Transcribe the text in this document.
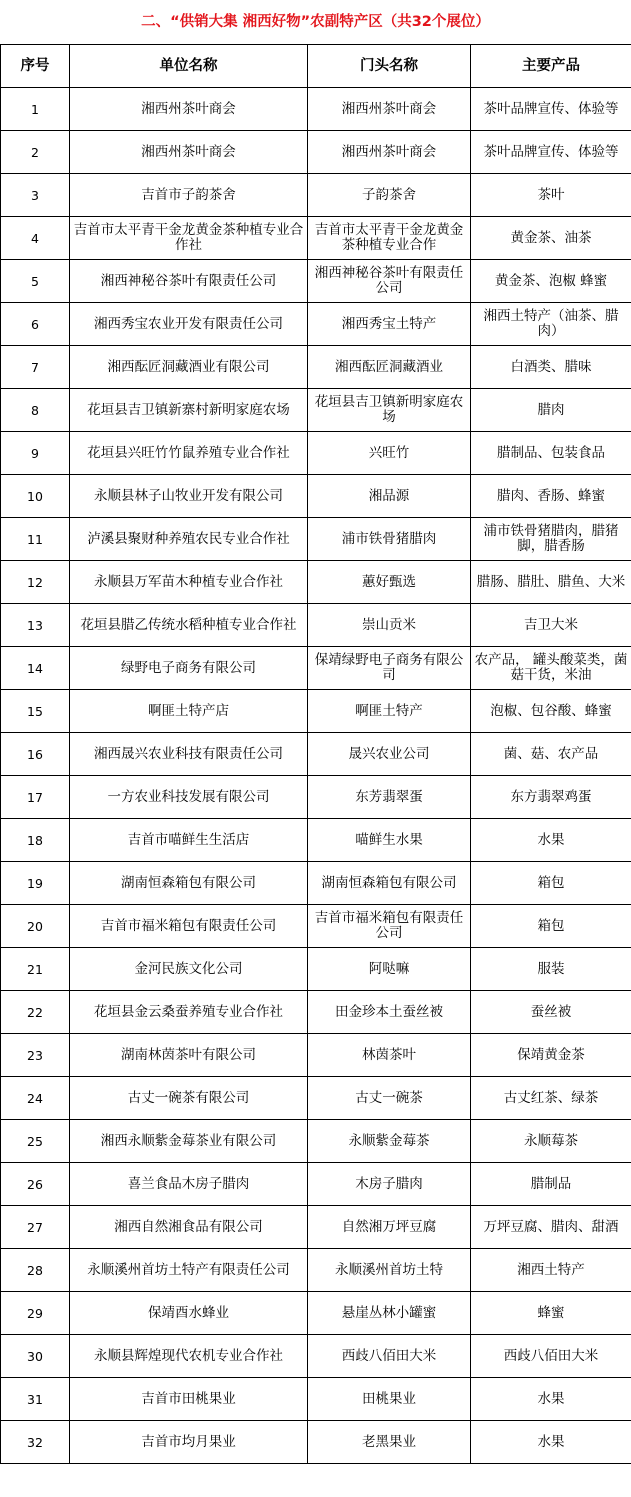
二、“供销大集 湘西好物”农副特产区（共32个展位）
序号	单位名称	门头名称	主要产品
1	湘西州茶叶商会	湘西州茶叶商会	茶叶品牌宣传、体验等
2	湘西州茶叶商会	湘西州茶叶商会	茶叶品牌宣传、体验等
3	吉首市子韵茶舍	子韵茶舍	茶叶
4	吉首市太平青干金龙黄金茶种植专业合作社	吉首市太平青干金龙黄金茶种植专业合作	黄金茶、油茶
5	湘西神秘谷茶叶有限责任公司	湘西神秘谷茶叶有限责任公司	黄金茶、泡椒 蜂蜜
6	湘西秀宝农业开发有限责任公司	湘西秀宝土特产	湘西土特产（油茶、腊肉）
7	湘西酝匠洞藏酒业有限公司	湘西酝匠洞藏酒业	白酒类、腊味
8	花垣县吉卫镇新寨村新明家庭农场	花垣县吉卫镇新明家庭农场	腊肉
9	花垣县兴旺竹竹鼠养殖专业合作社	兴旺竹	腊制品、包装食品
10	永顺县林子山牧业开发有限公司	湘品源	腊肉、香肠、蜂蜜
11	泸溪县聚财种养殖农民专业合作社	浦市铁骨猪腊肉	浦市铁骨猪腊肉，腊猪脚，腊香肠
12	永顺县万军苗木种植专业合作社	蕙好甄选	腊肠、腊肚、腊鱼、大米
13	花垣县腊乙传统水稻种植专业合作社	崇山贡米	吉卫大米
14	绿野电子商务有限公司	保靖绿野电子商务有限公司	农产品， 罐头酸菜类，菌菇干货，米油
15	啊匪土特产店	啊匪土特产	泡椒、包谷酸、蜂蜜
16	湘西晟兴农业科技有限责任公司	晟兴农业公司	菌、菇、农产品
17	一方农业科技发展有限公司	东芳翡翠蛋	东方翡翠鸡蛋
18	吉首市喵鲜生生活店	喵鲜生水果	水果
19	湖南恒森箱包有限公司	湖南恒森箱包有限公司	箱包
20	吉首市福米箱包有限责任公司	吉首市福米箱包有限责任公司	箱包
21	金河民族文化公司	阿哒嘛	服装
22	花垣县金云桑蚕养殖专业合作社	田金珍本土蚕丝被	蚕丝被
23	湖南林茵茶叶有限公司	林茵茶叶	保靖黄金茶
24	古丈一碗茶有限公司	古丈一碗茶	古丈红茶、绿茶
25	湘西永顺紫金莓茶业有限公司	永顺紫金莓茶	永顺莓茶
26	喜兰食品木房子腊肉	木房子腊肉	腊制品
27	湘西自然湘食品有限公司	自然湘万坪豆腐	万坪豆腐、腊肉、甜酒
28	永顺溪州首坊土特产有限责任公司	永顺溪州首坊土特	湘西土特产
29	保靖酉水蜂业	悬崖丛林小罐蜜	蜂蜜
30	永顺县辉煌现代农机专业合作社	西歧八佰田大米	西歧八佰田大米
31	吉首市田桃果业	田桃果业	水果
32	吉首市均月果业	老黑果业	水果
